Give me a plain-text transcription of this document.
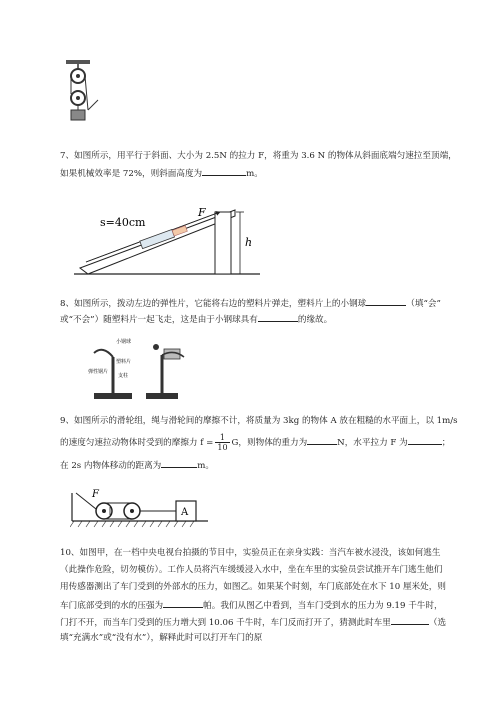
7、如图所示，用平行于斜面、大小为 2.5N 的拉力 F，将重为 3.6 N 的物体从斜面底端匀速拉至顶端，
如果机械效率是 72%，则斜面高度为	m。
s=40cm
F
h
8、如图所示，拨动左边的弹性片，它能将右边的塑料片弹走，塑料片上的小钢球	（填“会”
或“不会”）随塑料片一起飞走，这是由于小钢球具有	的缘故。
弹性钢片
小钢球
塑料片
支柱
9、如图所示的滑轮组，绳与滑轮间的摩擦不计，将质量为 3kg 的物体 A 放在粗糙的水平面上，以 1m/s
的速度匀速拉动物体时受到的摩擦力 $f = \frac{1}{10}$ G，则物体的重力为	N，水平拉力 F 为	；
在 2s 内物体移动的距离为	m。
A
F
10、如图甲，在一档中央电视台拍摄的节目中，实验员正在亲身实践：当汽车被水浸没，该如何逃生
（此操作危险，切勿模仿）。工作人员将汽车缓缓浸入水中，坐在车里的实验员尝试推开车门逃生他们
用传感器测出了车门受到的外部水的压力，如图乙。如果某个时刻，车门底部处在水下 10 厘米处，则
车门底部受到的水的压强为	帕。我们从图乙中看到，当车门受到水的压力为 9.19 千牛时，
门打不开，而当车门受到的压力增大到 10.06 千牛时，车门反而打开了，猜测此时车里	（选
填“充满水”或“没有水”），解释此时可以打开车门的原
